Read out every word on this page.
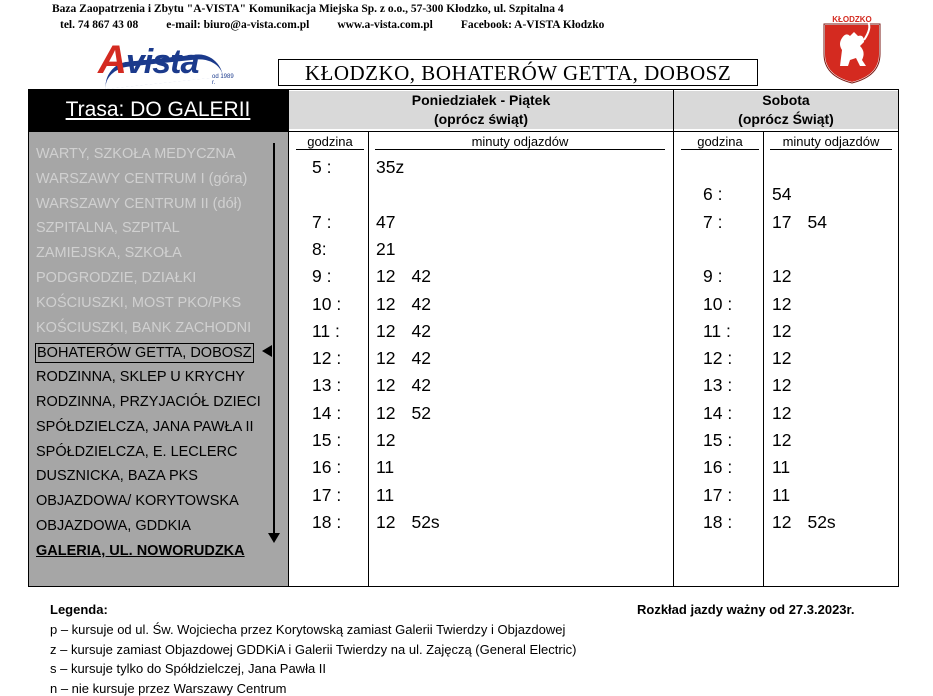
Baza Zaopatrzenia i Zbytu "A-VISTA" Komunikacja Miejska Sp. z o.o., 57-300 Kłodzko, ul. Szpitalna 4
tel. 74 867 43 08 e-mail: biuro@a-vista.com.pl www.a-vista.com.pl Facebook: A-VISTA Kłodzko
Avista od 1989 r.
KŁODZKO
KŁODZKO, BOHATERÓW GETTA, DOBOSZ
Trasa: DO GALERII
WARTY, SZKOŁA MEDYCZNA
WARSZAWY CENTRUM I (góra)
WARSZAWY CENTRUM II (dół)
SZPITALNA, SZPITAL
ZAMIEJSKA, SZKOŁA
PODGRODZIE, DZIAŁKI
KOŚCIUSZKI, MOST PKO/PKS
KOŚCIUSZKI, BANK ZACHODNI
BOHATERÓW GETTA, DOBOSZ
RODZINNA, SKLEP U KRYCHY
RODZINNA, PRZYJACIÓŁ DZIECI
SPÓŁDZIELCZA, JANA PAWŁA II
SPÓŁDZIELCZA, E. LECLERC
DUSZNICKA, BAZA PKS
OBJAZDOWA/ KORYTOWSKA
OBJAZDOWA, GDDKIA
GALERIA, UL. NOWORUDZKA
Poniedziałek - Piątek
(oprócz świąt)
Sobota
(oprócz Świąt)
godzina	minuty odjazdów	godzina	minuty odjazdów
5 :	35z
7 :	47
8:	21
9 :	12 42
10 :	12 42
11 :	12 42
12 :	12 42
13 :	12 42
14 :	12 52
15 :	12
16 :	11
17 :	11
18 :	12 52s
6 :	54
7 :	17 54
9 :	12
10 :	12
11 :	12
12 :	12
13 :	12
14 :	12
15 :	12
16 :	11
17 :	11
18 :	12 52s
Legenda:
p – kursuje od ul. Św. Wojciecha przez Korytowską zamiast Galerii Twierdzy i Objazdowej
z – kursuje zamiast Objazdowej GDDKiA i Galerii Twierdzy na ul. Zajęczą (General Electric)
s – kursuje tylko do Spółdzielczej, Jana Pawła II
n – nie kursuje przez Warszawy Centrum
Rozkład jazdy ważny od 27.3.2023r.
